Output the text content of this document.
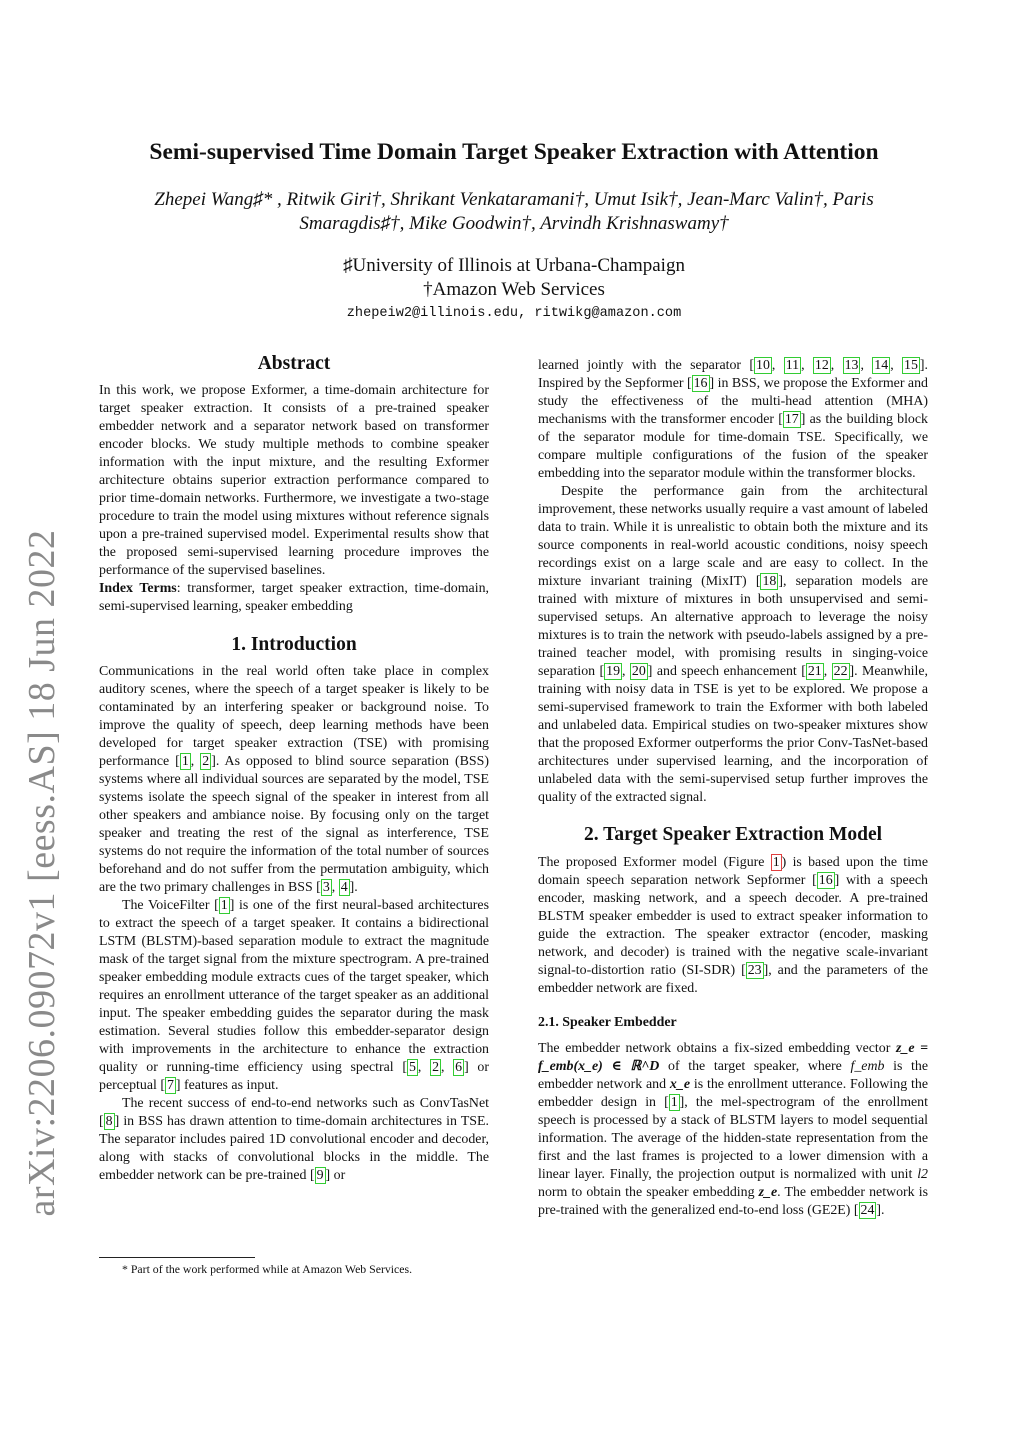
arXiv:2206.09072v1 [eess.AS] 18 Jun 2022
Semi-supervised Time Domain Target Speaker Extraction with Attention
Zhepei Wang♯* , Ritwik Giri†, Shrikant Venkataramani†, Umut Isik†, Jean-Marc Valin†, Paris
Smaragdis♯†, Mike Goodwin†, Arvindh Krishnaswamy†
♯University of Illinois at Urbana-Champaign
†Amazon Web Services
zhepeiw2@illinois.edu, ritwikg@amazon.com
Abstract

In this work, we propose Exformer, a time-domain architecture for target speaker extraction. It consists of a pre-trained speaker embedder network and a separator network based on transformer encoder blocks. We study multiple methods to combine speaker information with the input mixture, and the resulting Exformer architecture obtains superior extraction performance compared to prior time-domain networks. Furthermore, we investigate a two-stage procedure to train the model using mixtures without reference signals upon a pre-trained supervised model. Experimental results show that the proposed semi-supervised learning procedure improves the performance of the supervised baselines.

Index Terms: transformer, target speaker extraction, time-domain, semi-supervised learning, speaker embedding

1. Introduction

Communications in the real world often take place in complex auditory scenes, where the speech of a target speaker is likely to be contaminated by an interfering speaker or background noise. To improve the quality of speech, deep learning methods have been developed for target speaker extraction (TSE) with promising performance [ 1 , 2 ]. As opposed to blind source separation (BSS) systems where all individual sources are separated by the model, TSE systems isolate the speech signal of the speaker in interest from all other speakers and ambiance noise. By focusing only on the target speaker and treating the rest of the signal as interference, TSE systems do not require the information of the total number of sources beforehand and do not suffer from the permutation ambiguity, which are the two primary challenges in BSS [ 3 , 4 ].

The VoiceFilter [ 1 ] is one of the first neural-based architectures to extract the speech of a target speaker. It contains a bidirectional LSTM (BLSTM)-based separation module to extract the magnitude mask of the target signal from the mixture spectrogram. A pre-trained speaker embedding module extracts cues of the target speaker, which requires an enrollment utterance of the target speaker as an additional input. The speaker embedding guides the separator during the mask estimation. Several studies follow this embedder-separator design with improvements in the architecture to enhance the extraction quality or running-time efficiency using spectral [ 5 , 2 , 6 ] or perceptual [ 7 ] features as input.

The recent success of end-to-end networks such as ConvTasNet [ 8 ] in BSS has drawn attention to time-domain architectures in TSE. The separator includes paired 1D convolutional encoder and decoder, along with stacks of convolutional blocks in the middle. The embedder network can be pre-trained [ 9 ] or

* Part of the work performed while at Amazon Web Services.

learned jointly with the separator [ 10 , 11 , 12 , 13 , 14 , 15 ]. Inspired by the Sepformer [ 16 ] in BSS, we propose the Exformer and study the effectiveness of the multi-head attention (MHA) mechanisms with the transformer encoder [ 17 ] as the building block of the separator module for time-domain TSE. Specifically, we compare multiple configurations of the fusion of the speaker embedding into the separator module within the transformer blocks.

Despite the performance gain from the architectural improvement, these networks usually require a vast amount of labeled data to train. While it is unrealistic to obtain both the mixture and its source components in real-world acoustic conditions, noisy speech recordings exist on a large scale and are easy to collect. In the mixture invariant training (MixIT) [ 18 ], separation models are trained with mixture of mixtures in both unsupervised and semi-supervised setups. An alternative approach to leverage the noisy mixtures is to train the network with pseudo-labels assigned by a pre-trained teacher model, with promising results in singing-voice separation [ 19 , 20 ] and speech enhancement [ 21 , 22 ]. Meanwhile, training with noisy data in TSE is yet to be explored. We propose a semi-supervised framework to train the Exformer with both labeled and unlabeled data. Empirical studies on two-speaker mixtures show that the proposed Exformer outperforms the prior Conv-TasNet-based architectures under supervised learning, and the incorporation of unlabeled data with the semi-supervised setup further improves the quality of the extracted signal.

2. Target Speaker Extraction Model

The proposed Exformer model (Figure 1 ) is based upon the time domain speech separation network Sepformer [ 16 ] with a speech encoder, masking network, and a speech decoder. A pre-trained BLSTM speaker embedder is used to extract speaker information to guide the extraction. The speaker extractor (encoder, masking network, and decoder) is trained with the negative scale-invariant signal-to-distortion ratio (SI-SDR) [ 23 ], and the parameters of the embedder network are fixed.

2.1. Speaker Embedder

The embedder network obtains a fix-sized embedding vector z_e = f_emb(x_e) ∈ ℝ^D of the target speaker, where f_emb is the embedder network and x_e is the enrollment utterance. Following the embedder design in [ 1 ], the mel-spectrogram of the enrollment speech is processed by a stack of BLSTM layers to model sequential information. The average of the hidden-state representation from the first and the last frames is projected to a lower dimension with a linear layer. Finally, the projection output is normalized with unit l2 norm to obtain the speaker embedding z_e. The embedder network is pre-trained with the generalized end-to-end loss (GE2E) [ 24 ].
